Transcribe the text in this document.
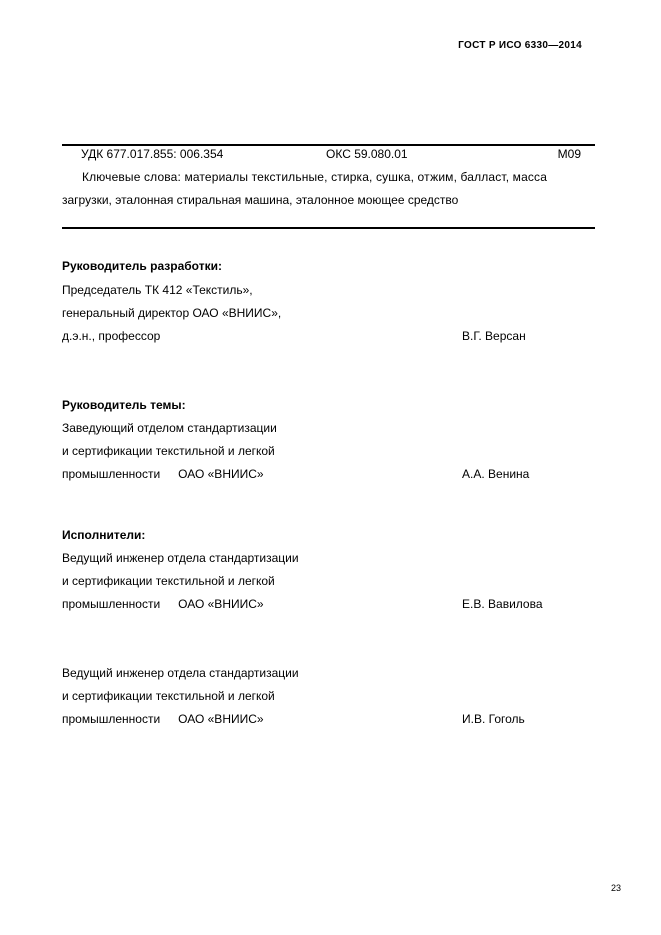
ГОСТ Р ИСО 6330—2014
УДК 677.017.855: 006.354	ОКС 59.080.01	М09
Ключевые слова: материалы текстильные, стирка, сушка, отжим, балласт, масса
загрузки, эталонная стиральная машина, эталонное моющее средство
Руководитель разработки:
Председатель ТК 412 «Текстиль»,
генеральный директор ОАО «ВНИИС»,
д.э.н., профессор	В.Г. Версан
Руководитель темы:
Заведующий отделом стандартизации
и сертификации текстильной и легкой
промышленности ОАО «ВНИИС»	А.А. Венина
Исполнители:
Ведущий инженер отдела стандартизации
и сертификации текстильной и легкой
промышленности ОАО «ВНИИС»	Е.В. Вавилова
Ведущий инженер отдела стандартизации
и сертификации текстильной и легкой
промышленности ОАО «ВНИИС»	И.В. Гоголь
23
